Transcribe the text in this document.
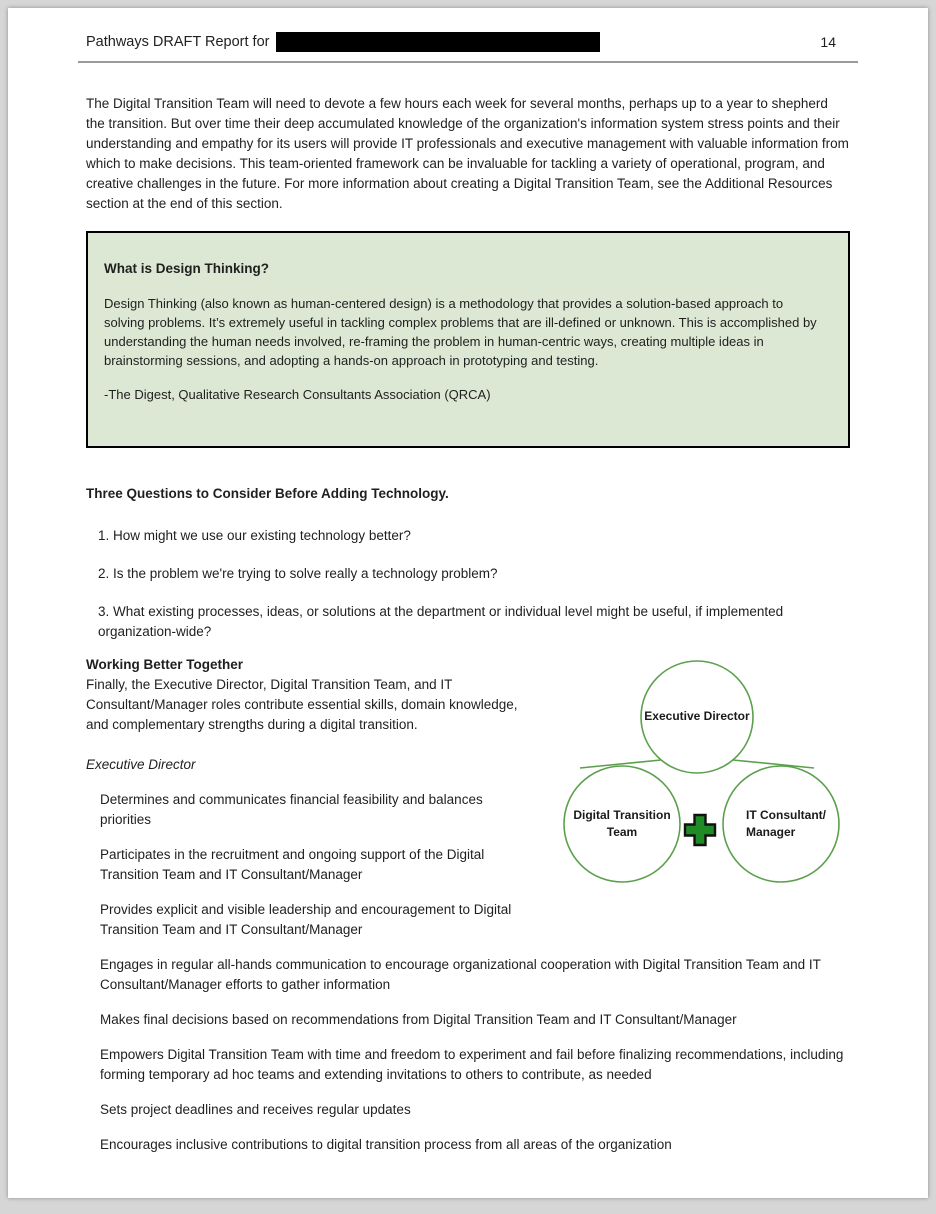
Pathways DRAFT Report for	14

The Digital Transition Team will need to devote a few hours each week for several months, perhaps up to a year to shepherd the transition. But over time their deep accumulated knowledge of the organization's information system stress points and their understanding and empathy for its users will provide IT professionals and executive management with valuable information from which to make decisions. This team-oriented framework can be invaluable for tackling a variety of operational, program, and creative challenges in the future. For more information about creating a Digital Transition Team, see the Additional Resources section at the end of this section.

What is Design Thinking?
Design Thinking (also known as human-centered design) is a methodology that provides a solution-based approach to solving problems. It’s extremely useful in tackling complex problems that are ill-defined or unknown. This is accomplished by understanding the human needs involved, re-framing the problem in human-centric ways, creating multiple ideas in brainstorming sessions, and adopting a hands-on approach in prototyping and testing.
-The Digest, Qualitative Research Consultants Association (QRCA)
Three Questions to Consider Before Adding Technology.

1. How might we use our existing technology better?

2. Is the problem we're trying to solve really a technology problem?

3. What existing processes, ideas, or solutions at the department or individual level might be useful, if implemented organization-wide?

Executive Director
Digital Transition
Team
IT Consultant/
Manager
Working Better Together

Finally, the Executive Director, Digital Transition Team, and IT Consultant/Manager roles contribute essential skills, domain knowledge, and complementary strengths during a digital transition.

Executive Director

Determines and communicates financial feasibility and balances priorities

Participates in the recruitment and ongoing support of the Digital Transition Team and IT Consultant/Manager

Provides explicit and visible leadership and encouragement to Digital Transition Team and IT Consultant/Manager

Engages in regular all-hands communication to encourage organizational cooperation with Digital Transition Team and IT Consultant/Manager efforts to gather information

Makes final decisions based on recommendations from Digital Transition Team and IT Consultant/Manager

Empowers Digital Transition Team with time and freedom to experiment and fail before finalizing recommendations, including forming temporary ad hoc teams and extending invitations to others to contribute, as needed

Sets project deadlines and receives regular updates

Encourages inclusive contributions to digital transition process from all areas of the organization
